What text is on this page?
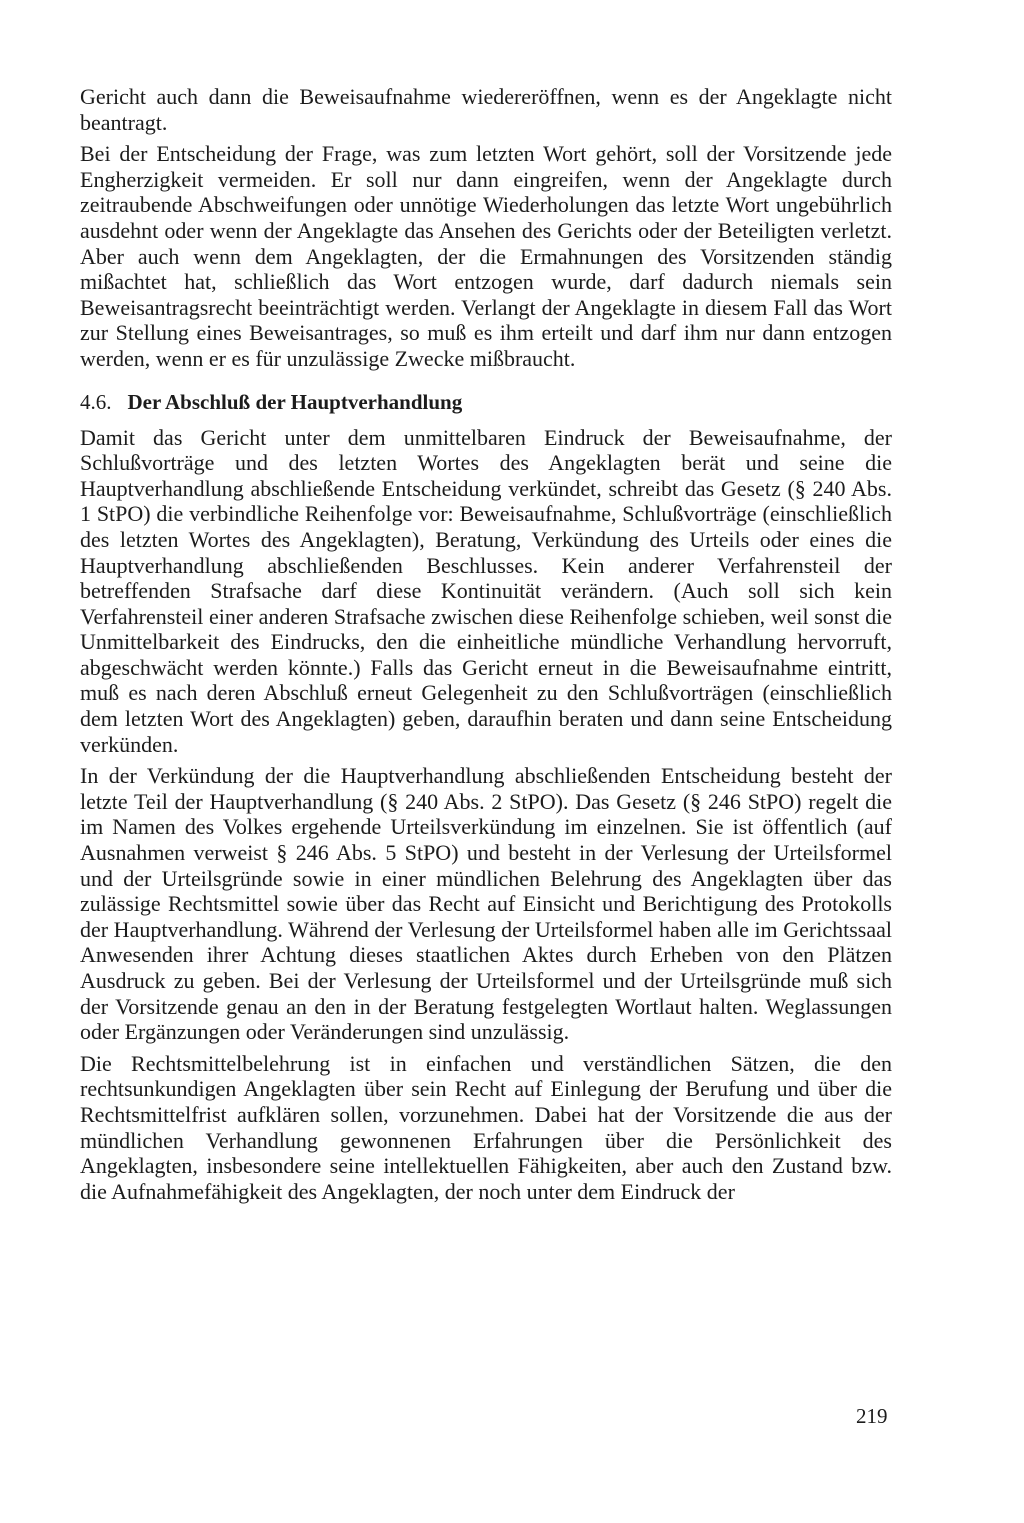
Gericht auch dann die Beweisaufnahme wiedereröffnen, wenn es der Angeklagte nicht beantragt.

Bei der Entscheidung der Frage, was zum letzten Wort gehört, soll der Vorsitzende jede Engherzigkeit vermeiden. Er soll nur dann eingreifen, wenn der Angeklagte durch zeitraubende Abschweifungen oder unnötige Wiederholungen das letzte Wort ungebührlich ausdehnt oder wenn der Angeklagte das Ansehen des Gerichts oder der Beteiligten verletzt. Aber auch wenn dem Angeklagten, der die Ermahnungen des Vorsitzenden ständig mißachtet hat, schließlich das Wort entzogen wurde, darf dadurch niemals sein Beweisantragsrecht beeinträchtigt werden. Verlangt der Angeklagte in diesem Fall das Wort zur Stellung eines Beweisantrages, so muß es ihm erteilt und darf ihm nur dann entzogen werden, wenn er es für unzulässige Zwecke mißbraucht.

4.6. Der Abschluß der Hauptverhandlung

Damit das Gericht unter dem unmittelbaren Eindruck der Beweisaufnahme, der Schlußvorträge und des letzten Wortes des Angeklagten berät und seine die Hauptverhandlung abschließende Entscheidung verkündet, schreibt das Gesetz (§ 240 Abs. 1 StPO) die verbindliche Reihenfolge vor: Beweisaufnahme, Schlußvorträge (einschließlich des letzten Wortes des Angeklagten), Beratung, Verkündung des Urteils oder eines die Hauptverhandlung abschließenden Beschlusses. Kein anderer Verfahrensteil der betreffenden Strafsache darf diese Kontinuität verändern. (Auch soll sich kein Verfahrensteil einer anderen Strafsache zwischen diese Reihenfolge schieben, weil sonst die Unmittelbarkeit des Eindrucks, den die einheitliche mündliche Verhandlung hervorruft, abgeschwächt werden könnte.) Falls das Gericht erneut in die Beweisaufnahme eintritt, muß es nach deren Abschluß erneut Gelegenheit zu den Schlußvorträgen (einschließlich dem letzten Wort des Angeklagten) geben, daraufhin beraten und dann seine Entscheidung verkünden.

In der Verkündung der die Hauptverhandlung abschließenden Entscheidung besteht der letzte Teil der Hauptverhandlung (§ 240 Abs. 2 StPO). Das Gesetz (§ 246 StPO) regelt die im Namen des Volkes ergehende Urteilsverkündung im einzelnen. Sie ist öffentlich (auf Ausnahmen verweist § 246 Abs. 5 StPO) und besteht in der Verlesung der Urteilsformel und der Urteilsgründe sowie in einer mündlichen Belehrung des Angeklagten über das zulässige Rechtsmittel sowie über das Recht auf Einsicht und Berichtigung des Protokolls der Hauptverhandlung. Während der Verlesung der Urteilsformel haben alle im Gerichtssaal Anwesenden ihrer Achtung dieses staatlichen Aktes durch Erheben von den Plätzen Ausdruck zu geben. Bei der Verlesung der Urteilsformel und der Urteilsgründe muß sich der Vorsitzende genau an den in der Beratung festgelegten Wortlaut halten. Weglassungen oder Ergänzungen oder Veränderungen sind unzulässig.

Die Rechtsmittelbelehrung ist in einfachen und verständlichen Sätzen, die den rechtsunkundigen Angeklagten über sein Recht auf Einlegung der Berufung und über die Rechtsmittelfrist aufklären sollen, vorzunehmen. Dabei hat der Vorsitzende die aus der mündlichen Verhandlung gewonnenen Erfahrungen über die Persönlichkeit des Angeklagten, insbesondere seine intellektuellen Fähigkeiten, aber auch den Zustand bzw. die Aufnahmefähigkeit des Angeklagten, der noch unter dem Eindruck der

219
